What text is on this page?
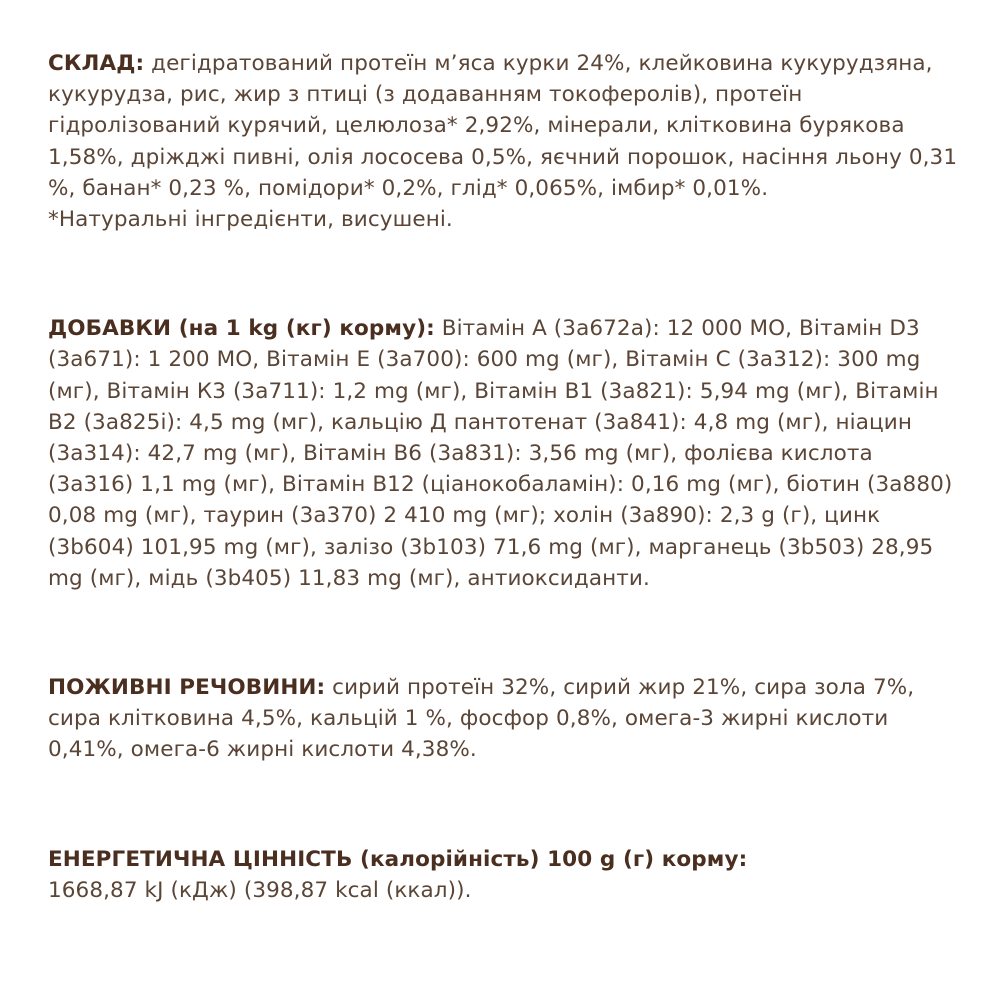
СКЛАД: дегідратований протеїн м’яса курки 24%, клейковина кукурудзяна, кукурудза, рис, жир з птиці (з додаванням токоферолів), протеїн гідролізований курячий, целюлоза* 2,92%, мінерали, клітковина бурякова 1,58%, дріжджі пивні, олія лососева 0,5%, яєчний порошок, насіння льону 0,31 %, банан* 0,23 %, помідори* 0,2%, глід* 0,065%, імбир* 0,01%.
*Натуральні інгредієнти, висушені.

ДОБАВКИ (на 1 kg (кг) корму): Вітамін А (3а672а): 12 000 МО, Вітамін D3 (3а671): 1 200 МО, Вітамін Е (3а700): 600 mg (мг), Вітамін С (3а312): 300 mg (мг), Вітамін К3 (3а711): 1,2 mg (мг), Вітамін В1 (3а821): 5,94 mg (мг), Вітамін В2 (3а825і): 4,5 mg (мг), кальцію Д пантотенат (3а841): 4,8 mg (мг), ніацин (3а314): 42,7 mg (мг), Вітамін В6 (3а831): 3,56 mg (мг), фолієва кислота (3а316) 1,1 mg (мг), Вітамін В12 (ціанокобаламін): 0,16 mg (мг), біотин (3а880) 0,08 mg (мг), таурин (3а370) 2 410 mg (мг); холін (3а890): 2,3 g (г), цинк (3b604) 101,95 mg (мг), залізо (3b103) 71,6 mg (мг), марганець (3b503) 28,95 mg (мг), мідь (3b405) 11,83 mg (мг), антиоксиданти.

ПОЖИВНІ РЕЧОВИНИ: сирий протеїн 32%, сирий жир 21%, сира зола 7%, сира клітковина 4,5%, кальцій 1 %, фосфор 0,8%, омега-3 жирні кислоти 0,41%, омега-6 жирні кислоти 4,38%.

ЕНЕРГЕТИЧНА ЦІННІСТЬ (калорійність) 100 g (г) корму:
1668,87 kJ (кДж) (398,87 kcal (ккал)).
